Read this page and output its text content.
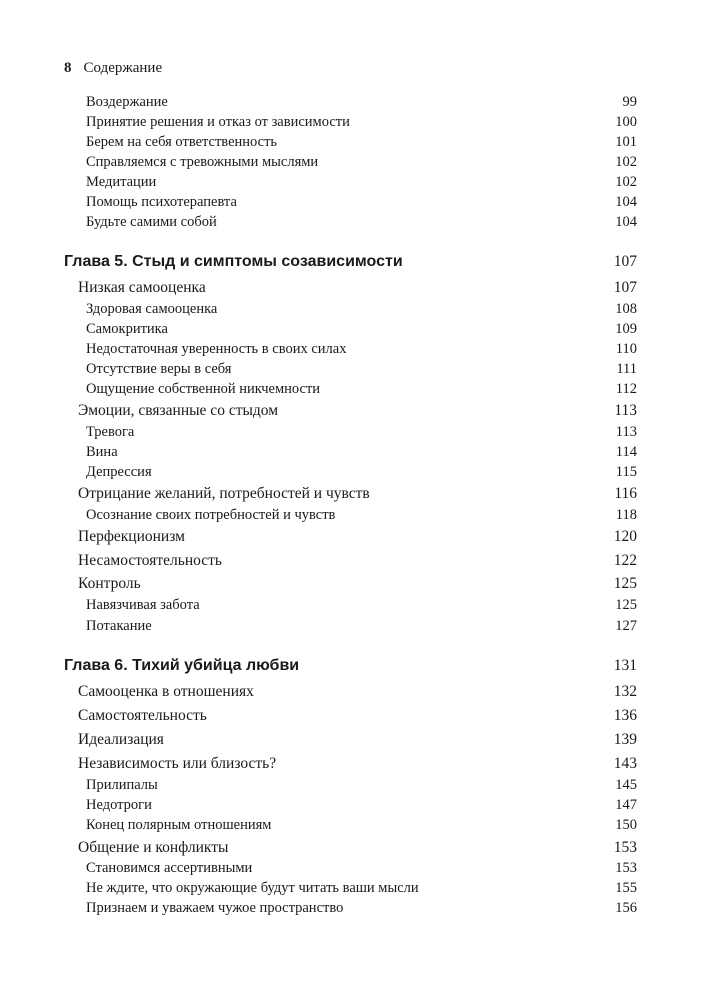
8 Содержание
Воздержание	99
Принятие решения и отказ от зависимости	100
Берем на себя ответственность	101
Справляемся с тревожными мыслями	102
Медитации	102
Помощь психотерапевта	104
Будьте самими собой	104
Глава 5. Стыд и симптомы созависимости	107
Низкая самооценка	107
Здоровая самооценка	108
Самокритика	109
Недостаточная уверенность в своих силах	110
Отсутствие веры в себя	111
Ощущение собственной никчемности	112
Эмоции, связанные со стыдом	113
Тревога	113
Вина	114
Депрессия	115
Отрицание желаний, потребностей и чувств	116
Осознание своих потребностей и чувств	118
Перфекционизм	120
Несамостоятельность	122
Контроль	125
Навязчивая забота	125
Потакание	127
Глава 6. Тихий убийца любви	131
Самооценка в отношениях	132
Самостоятельность	136
Идеализация	139
Независимость или близость?	143
Прилипалы	145
Недотроги	147
Конец полярным отношениям	150
Общение и конфликты	153
Становимся ассертивными	153
Не ждите, что окружающие будут читать ваши мысли	155
Признаем и уважаем чужое пространство	156
